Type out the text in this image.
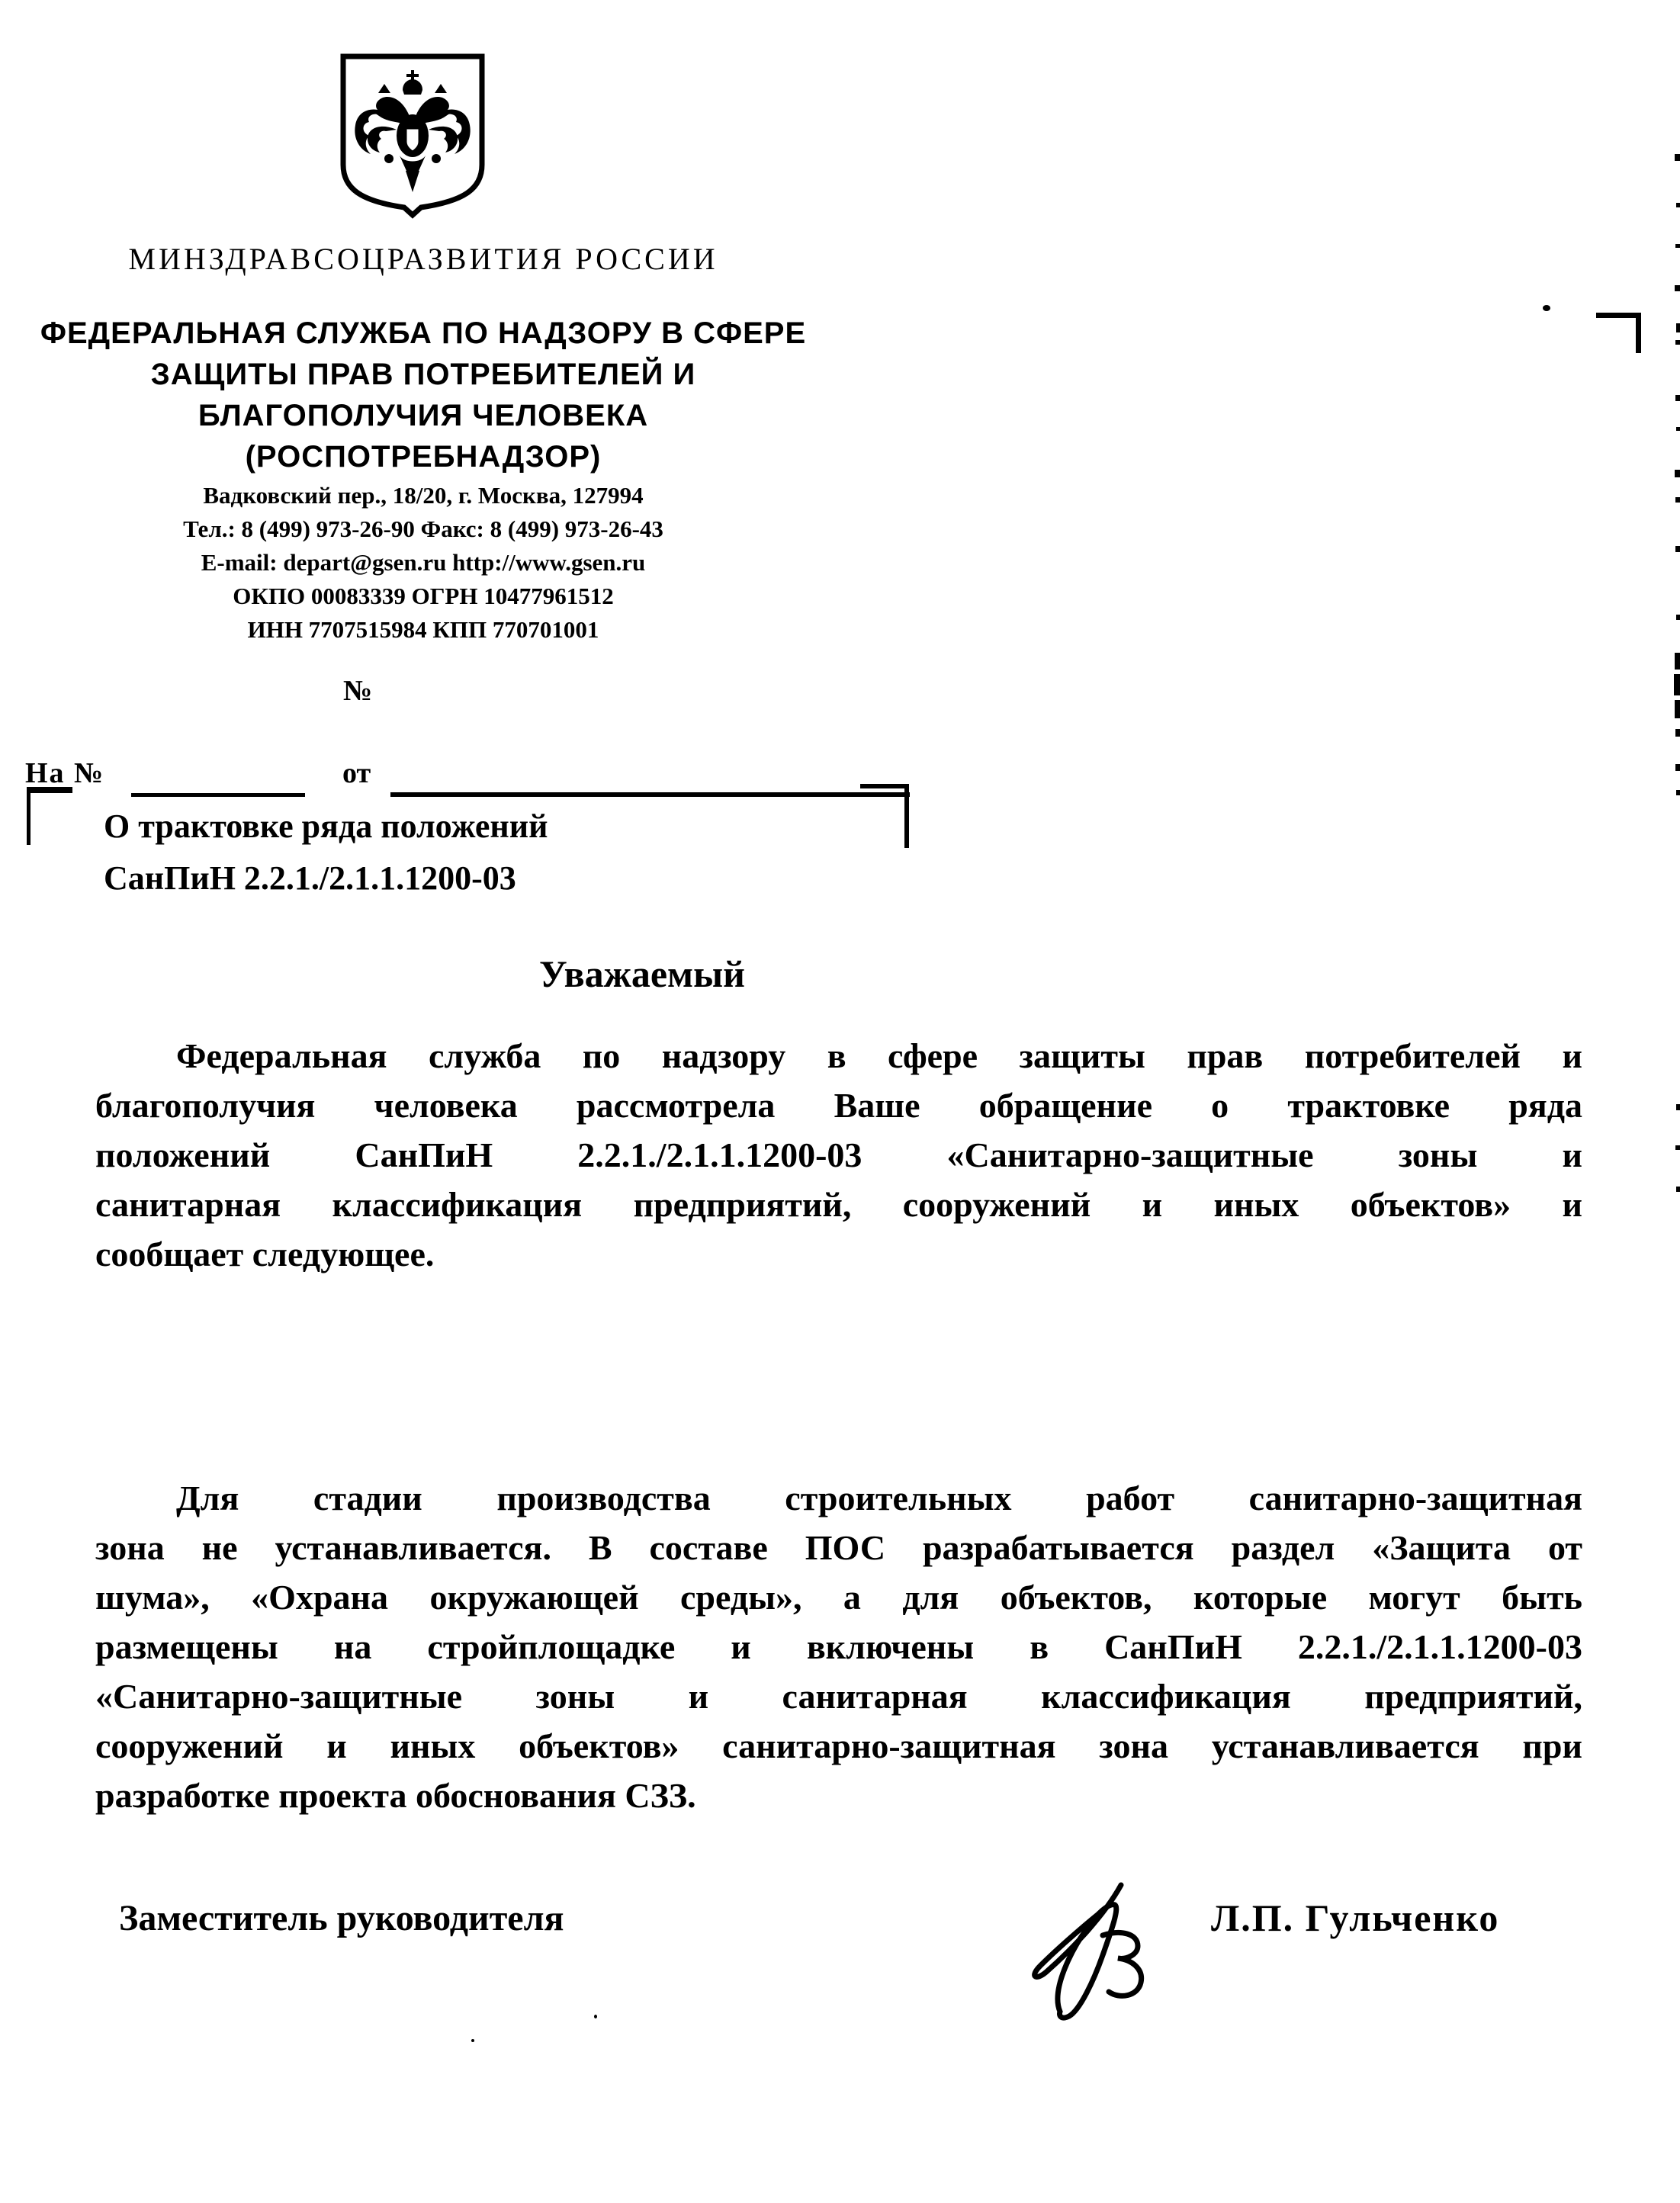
МИНЗДРАВСОЦРАЗВИТИЯ РОССИИ
ФЕДЕРАЛЬНАЯ СЛУЖБА ПО НАДЗОРУ В СФЕРЕ
ЗАЩИТЫ ПРАВ ПОТРЕБИТЕЛЕЙ И
БЛАГОПОЛУЧИЯ ЧЕЛОВЕКА
(РОСПОТРЕБНАДЗОР)
Вадковский пер., 18/20, г. Москва, 127994
Тел.: 8 (499) 973-26-90 Факс: 8 (499) 973-26-43
E-mail: depart@gsen.ru http://www.gsen.ru
ОКПО 00083339 ОГРН 10477961512
ИНН 7707515984 КПП 770701001
№
На №	от
О трактовке ряда положений
СанПиН 2.2.1./2.1.1.1200-03
Уважаемый
Федеральная служба по надзору в сфере защиты прав потребителей и
благополучия человека рассмотрела Ваше обращение о трактовке ряда
положений СанПиН 2.2.1./2.1.1.1200-03 «Санитарно-защитные зоны и
санитарная классификация предприятий, сооружений и иных объектов» и
сообщает следующее.
Для стадии производства строительных работ санитарно-защитная
зона не устанавливается. В составе ПОС разрабатывается раздел «Защита от
шума», «Охрана окружающей среды», а для объектов, которые могут быть
размещены на стройплощадке и включены в СанПиН 2.2.1./2.1.1.1200-03
«Санитарно-защитные зоны и санитарная классификация предприятий,
сооружений и иных объектов» санитарно-защитная зона устанавливается при
разработке проекта обоснования СЗЗ.
Заместитель руководителя	Л.П. Гульченко
